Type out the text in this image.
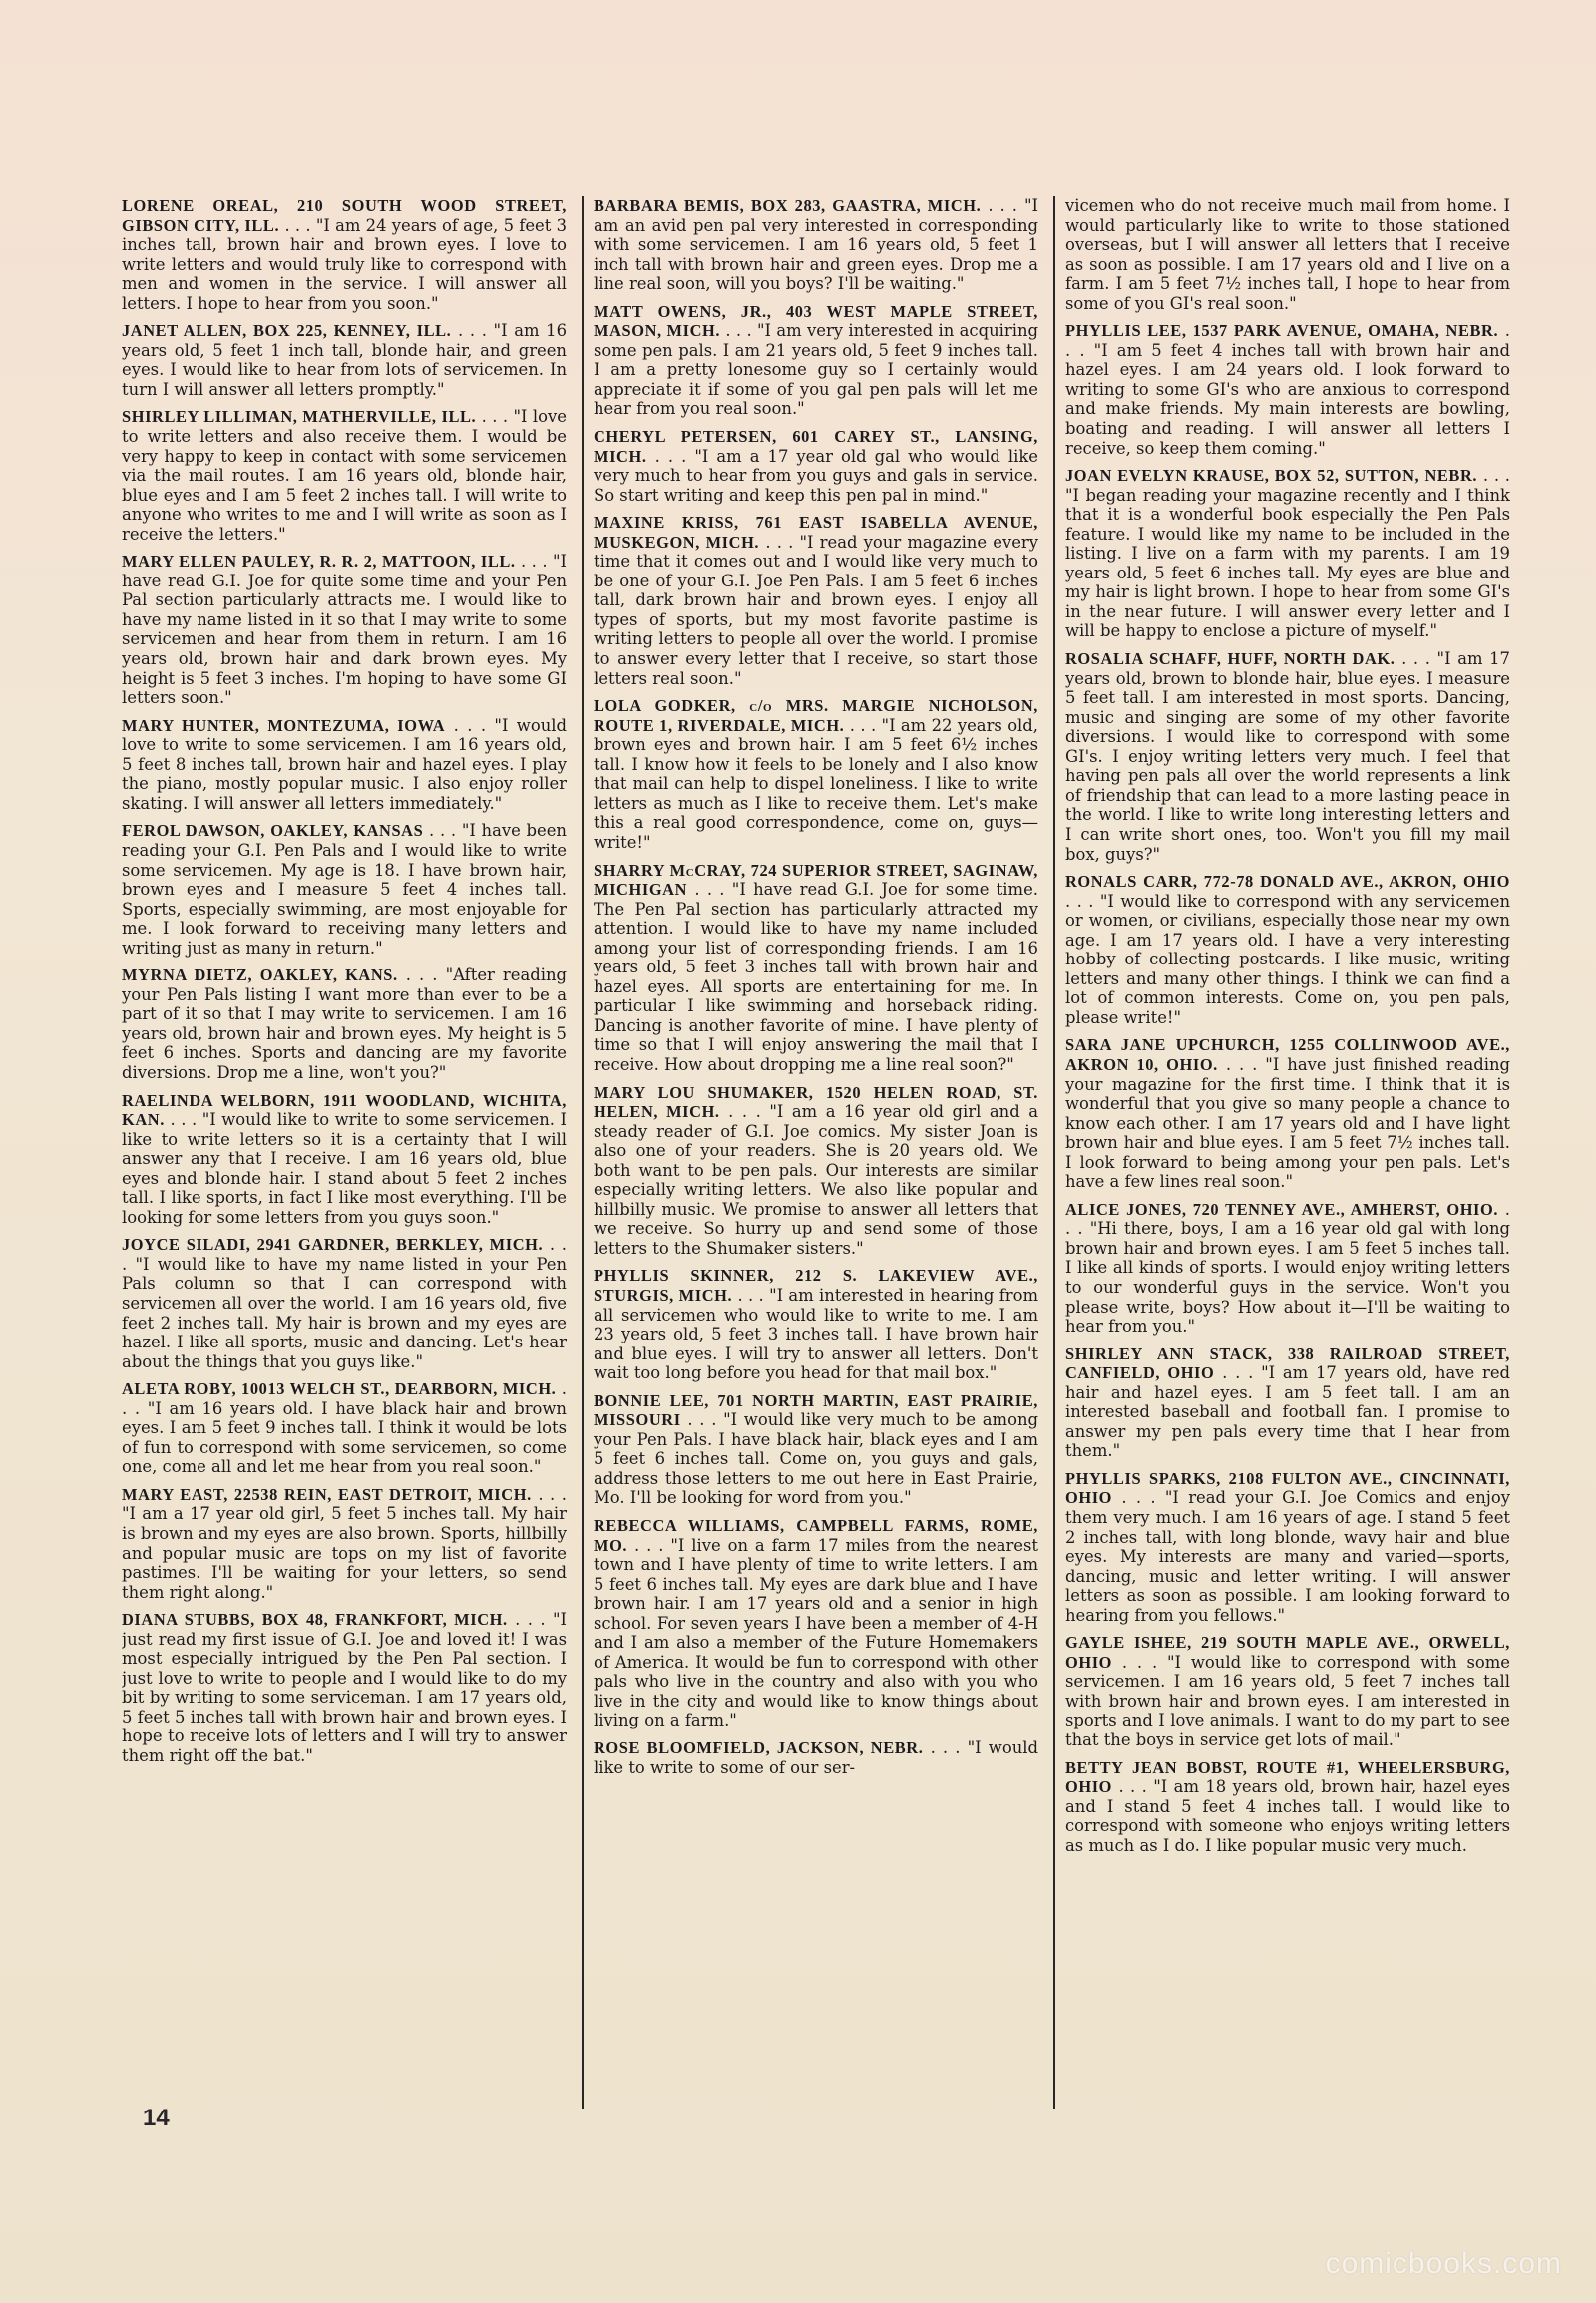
LORENE OREAL, 210 SOUTH WOOD STREET, GIBSON CITY, ILL. . . . "I am 24 years of age, 5 feet 3 inches tall, brown hair and brown eyes. I love to write letters and would truly like to correspond with men and women in the service. I will answer all letters. I hope to hear from you soon."

JANET ALLEN, BOX 225, KENNEY, ILL. . . . "I am 16 years old, 5 feet 1 inch tall, blonde hair, and green eyes. I would like to hear from lots of servicemen. In turn I will answer all letters promptly."

SHIRLEY LILLIMAN, MATHERVILLE, ILL. . . . "I love to write letters and also receive them. I would be very happy to keep in contact with some servicemen via the mail routes. I am 16 years old, blonde hair, blue eyes and I am 5 feet 2 inches tall. I will write to anyone who writes to me and I will write as soon as I receive the letters."

MARY ELLEN PAULEY, R. R. 2, MATTOON, ILL. . . . "I have read G.I. Joe for quite some time and your Pen Pal section particularly attracts me. I would like to have my name listed in it so that I may write to some servicemen and hear from them in return. I am 16 years old, brown hair and dark brown eyes. My height is 5 feet 3 inches. I'm hoping to have some GI letters soon."

MARY HUNTER, MONTEZUMA, IOWA . . . "I would love to write to some servicemen. I am 16 years old, 5 feet 8 inches tall, brown hair and hazel eyes. I play the piano, mostly popular music. I also enjoy roller skating. I will answer all letters immediately."

FEROL DAWSON, OAKLEY, KANSAS . . . "I have been reading your G.I. Pen Pals and I would like to write some servicemen. My age is 18. I have brown hair, brown eyes and I measure 5 feet 4 inches tall. Sports, especially swimming, are most enjoyable for me. I look forward to receiving many letters and writing just as many in return."

MYRNA DIETZ, OAKLEY, KANS. . . . "After reading your Pen Pals listing I want more than ever to be a part of it so that I may write to servicemen. I am 16 years old, brown hair and brown eyes. My height is 5 feet 6 inches. Sports and dancing are my favorite diversions. Drop me a line, won't you?"

RAELINDA WELBORN, 1911 WOODLAND, WICHITA, KAN. . . . "I would like to write to some servicemen. I like to write letters so it is a certainty that I will answer any that I receive. I am 16 years old, blue eyes and blonde hair. I stand about 5 feet 2 inches tall. I like sports, in fact I like most everything. I'll be looking for some letters from you guys soon."

JOYCE SILADI, 2941 GARDNER, BERKLEY, MICH. . . . "I would like to have my name listed in your Pen Pals column so that I can correspond with servicemen all over the world. I am 16 years old, five feet 2 inches tall. My hair is brown and my eyes are hazel. I like all sports, music and dancing. Let's hear about the things that you guys like."

ALETA ROBY, 10013 WELCH ST., DEARBORN, MICH. . . . "I am 16 years old. I have black hair and brown eyes. I am 5 feet 9 inches tall. I think it would be lots of fun to correspond with some servicemen, so come one, come all and let me hear from you real soon."

MARY EAST, 22538 REIN, EAST DETROIT, MICH. . . . "I am a 17 year old girl, 5 feet 5 inches tall. My hair is brown and my eyes are also brown. Sports, hillbilly and popular music are tops on my list of favorite pastimes. I'll be waiting for your letters, so send them right along."

DIANA STUBBS, BOX 48, FRANKFORT, MICH. . . . "I just read my first issue of G.I. Joe and loved it! I was most especially intrigued by the Pen Pal section. I just love to write to people and I would like to do my bit by writing to some serviceman. I am 17 years old, 5 feet 5 inches tall with brown hair and brown eyes. I hope to receive lots of letters and I will try to answer them right off the bat."

BARBARA BEMIS, BOX 283, GAASTRA, MICH. . . . "I am an avid pen pal very interested in corresponding with some servicemen. I am 16 years old, 5 feet 1 inch tall with brown hair and green eyes. Drop me a line real soon, will you boys? I'll be waiting."

MATT OWENS, JR., 403 WEST MAPLE STREET, MASON, MICH. . . . "I am very interested in acquiring some pen pals. I am 21 years old, 5 feet 9 inches tall. I am a pretty lonesome guy so I certainly would appreciate it if some of you gal pen pals will let me hear from you real soon."

CHERYL PETERSEN, 601 CAREY ST., LANSING, MICH. . . . "I am a 17 year old gal who would like very much to hear from you guys and gals in service. So start writing and keep this pen pal in mind."

MAXINE KRISS, 761 EAST ISABELLA AVENUE, MUSKEGON, MICH. . . . "I read your magazine every time that it comes out and I would like very much to be one of your G.I. Joe Pen Pals. I am 5 feet 6 inches tall, dark brown hair and brown eyes. I enjoy all types of sports, but my most favorite pastime is writing letters to people all over the world. I promise to answer every letter that I receive, so start those letters real soon."

LOLA GODKER, c/o MRS. MARGIE NICHOLSON, ROUTE 1, RIVERDALE, MICH. . . . "I am 22 years old, brown eyes and brown hair. I am 5 feet 6½ inches tall. I know how it feels to be lonely and I also know that mail can help to dispel loneliness. I like to write letters as much as I like to receive them. Let's make this a real good correspondence, come on, guys—write!"

SHARRY McCRAY, 724 SUPERIOR STREET, SAGINAW, MICHIGAN . . . "I have read G.I. Joe for some time. The Pen Pal section has particularly attracted my attention. I would like to have my name included among your list of corresponding friends. I am 16 years old, 5 feet 3 inches tall with brown hair and hazel eyes. All sports are entertaining for me. In particular I like swimming and horseback riding. Dancing is another favorite of mine. I have plenty of time so that I will enjoy answering the mail that I receive. How about dropping me a line real soon?"

MARY LOU SHUMAKER, 1520 HELEN ROAD, ST. HELEN, MICH. . . . "I am a 16 year old girl and a steady reader of G.I. Joe comics. My sister Joan is also one of your readers. She is 20 years old. We both want to be pen pals. Our interests are similar especially writing letters. We also like popular and hillbilly music. We promise to answer all letters that we receive. So hurry up and send some of those letters to the Shumaker sisters."

PHYLLIS SKINNER, 212 S. LAKEVIEW AVE., STURGIS, MICH. . . . "I am interested in hearing from all servicemen who would like to write to me. I am 23 years old, 5 feet 3 inches tall. I have brown hair and blue eyes. I will try to answer all letters. Don't wait too long before you head for that mail box."

BONNIE LEE, 701 NORTH MARTIN, EAST PRAIRIE, MISSOURI . . . "I would like very much to be among your Pen Pals. I have black hair, black eyes and I am 5 feet 6 inches tall. Come on, you guys and gals, address those letters to me out here in East Prairie, Mo. I'll be looking for word from you."

REBECCA WILLIAMS, CAMPBELL FARMS, ROME, MO. . . . "I live on a farm 17 miles from the nearest town and I have plenty of time to write letters. I am 5 feet 6 inches tall. My eyes are dark blue and I have brown hair. I am 17 years old and a senior in high school. For seven years I have been a member of 4-H and I am also a member of the Future Homemakers of America. It would be fun to correspond with other pals who live in the country and also with you who live in the city and would like to know things about living on a farm."

ROSE BLOOMFIELD, JACKSON, NEBR. . . . "I would like to write to some of our ser-

vicemen who do not receive much mail from home. I would particularly like to write to those stationed overseas, but I will answer all letters that I receive as soon as possible. I am 17 years old and I live on a farm. I am 5 feet 7½ inches tall, I hope to hear from some of you GI's real soon."

PHYLLIS LEE, 1537 PARK AVENUE, OMAHA, NEBR. . . . "I am 5 feet 4 inches tall with brown hair and hazel eyes. I am 24 years old. I look forward to writing to some GI's who are anxious to correspond and make friends. My main interests are bowling, boating and reading. I will answer all letters I receive, so keep them coming."

JOAN EVELYN KRAUSE, BOX 52, SUTTON, NEBR. . . . "I began reading your magazine recently and I think that it is a wonderful book especially the Pen Pals feature. I would like my name to be included in the listing. I live on a farm with my parents. I am 19 years old, 5 feet 6 inches tall. My eyes are blue and my hair is light brown. I hope to hear from some GI's in the near future. I will answer every letter and I will be happy to enclose a picture of myself."

ROSALIA SCHAFF, HUFF, NORTH DAK. . . . "I am 17 years old, brown to blonde hair, blue eyes. I measure 5 feet tall. I am interested in most sports. Dancing, music and singing are some of my other favorite diversions. I would like to correspond with some GI's. I enjoy writing letters very much. I feel that having pen pals all over the world represents a link of friendship that can lead to a more lasting peace in the world. I like to write long interesting letters and I can write short ones, too. Won't you fill my mail box, guys?"

RONALS CARR, 772-78 DONALD AVE., AKRON, OHIO . . . "I would like to correspond with any servicemen or women, or civilians, especially those near my own age. I am 17 years old. I have a very interesting hobby of collecting postcards. I like music, writing letters and many other things. I think we can find a lot of common interests. Come on, you pen pals, please write!"

SARA JANE UPCHURCH, 1255 COLLINWOOD AVE., AKRON 10, OHIO. . . . "I have just finished reading your magazine for the first time. I think that it is wonderful that you give so many people a chance to know each other. I am 17 years old and I have light brown hair and blue eyes. I am 5 feet 7½ inches tall. I look forward to being among your pen pals. Let's have a few lines real soon."

ALICE JONES, 720 TENNEY AVE., AMHERST, OHIO. . . . "Hi there, boys, I am a 16 year old gal with long brown hair and brown eyes. I am 5 feet 5 inches tall. I like all kinds of sports. I would enjoy writing letters to our wonderful guys in the service. Won't you please write, boys? How about it—I'll be waiting to hear from you."

SHIRLEY ANN STACK, 338 RAILROAD STREET, CANFIELD, OHIO . . . "I am 17 years old, have red hair and hazel eyes. I am 5 feet tall. I am an interested baseball and football fan. I promise to answer my pen pals every time that I hear from them."

PHYLLIS SPARKS, 2108 FULTON AVE., CINCINNATI, OHIO . . . "I read your G.I. Joe Comics and enjoy them very much. I am 16 years of age. I stand 5 feet 2 inches tall, with long blonde, wavy hair and blue eyes. My interests are many and varied—sports, dancing, music and letter writing. I will answer letters as soon as possible. I am looking forward to hearing from you fellows."

GAYLE ISHEE, 219 SOUTH MAPLE AVE., ORWELL, OHIO . . . "I would like to correspond with some servicemen. I am 16 years old, 5 feet 7 inches tall with brown hair and brown eyes. I am interested in sports and I love animals. I want to do my part to see that the boys in service get lots of mail."

BETTY JEAN BOBST, ROUTE #1, WHEELERSBURG, OHIO . . . "I am 18 years old, brown hair, hazel eyes and I stand 5 feet 4 inches tall. I would like to correspond with someone who enjoys writing letters as much as I do. I like popular music very much.

14
comicbooks.com
